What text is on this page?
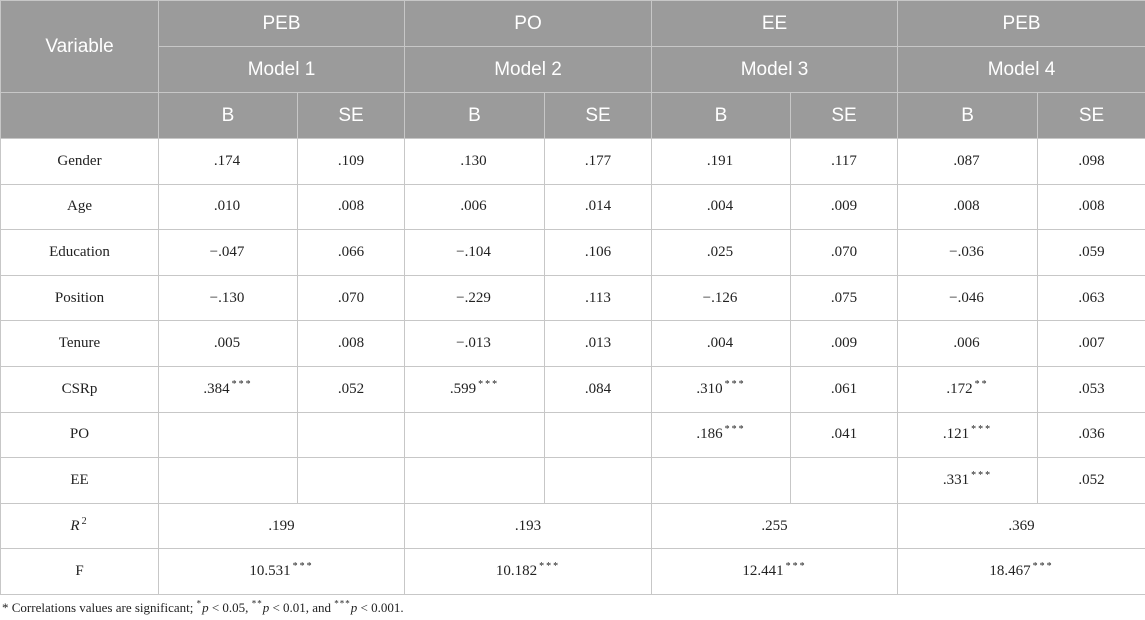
Variable	PEB		PO		EE		PEB	
	Model 1		Model 2		Model 3		Model 4	
	B	SE	B	SE	B	SE	B	SE
Gender	.174	.109	.130	.177	.191	.117	.087	.098
Age	.010	.008	.006	.014	.004	.009	.008	.008
Education	−.047	.066	−.104	.106	.025	.070	−.036	.059
Position	−.130	.070	−.229	.113	−.126	.075	−.046	.063
Tenure	.005	.008	−.013	.013	.004	.009	.006	.007
CSRp	.384 ***	.052	.599 ***	.084	.310 ***	.061	.172 **	.053
PO					.186 ***	.041	.121 ***	.036
EE							.331 ***	.052
R $^2$	.199		.193		.255		.369	
F	10.531 ***		10.182 ***		12.441 ***		18.467 ***
* Correlations values are significant; *p < 0.05, **p < 0.01, and ***p < 0.001.
